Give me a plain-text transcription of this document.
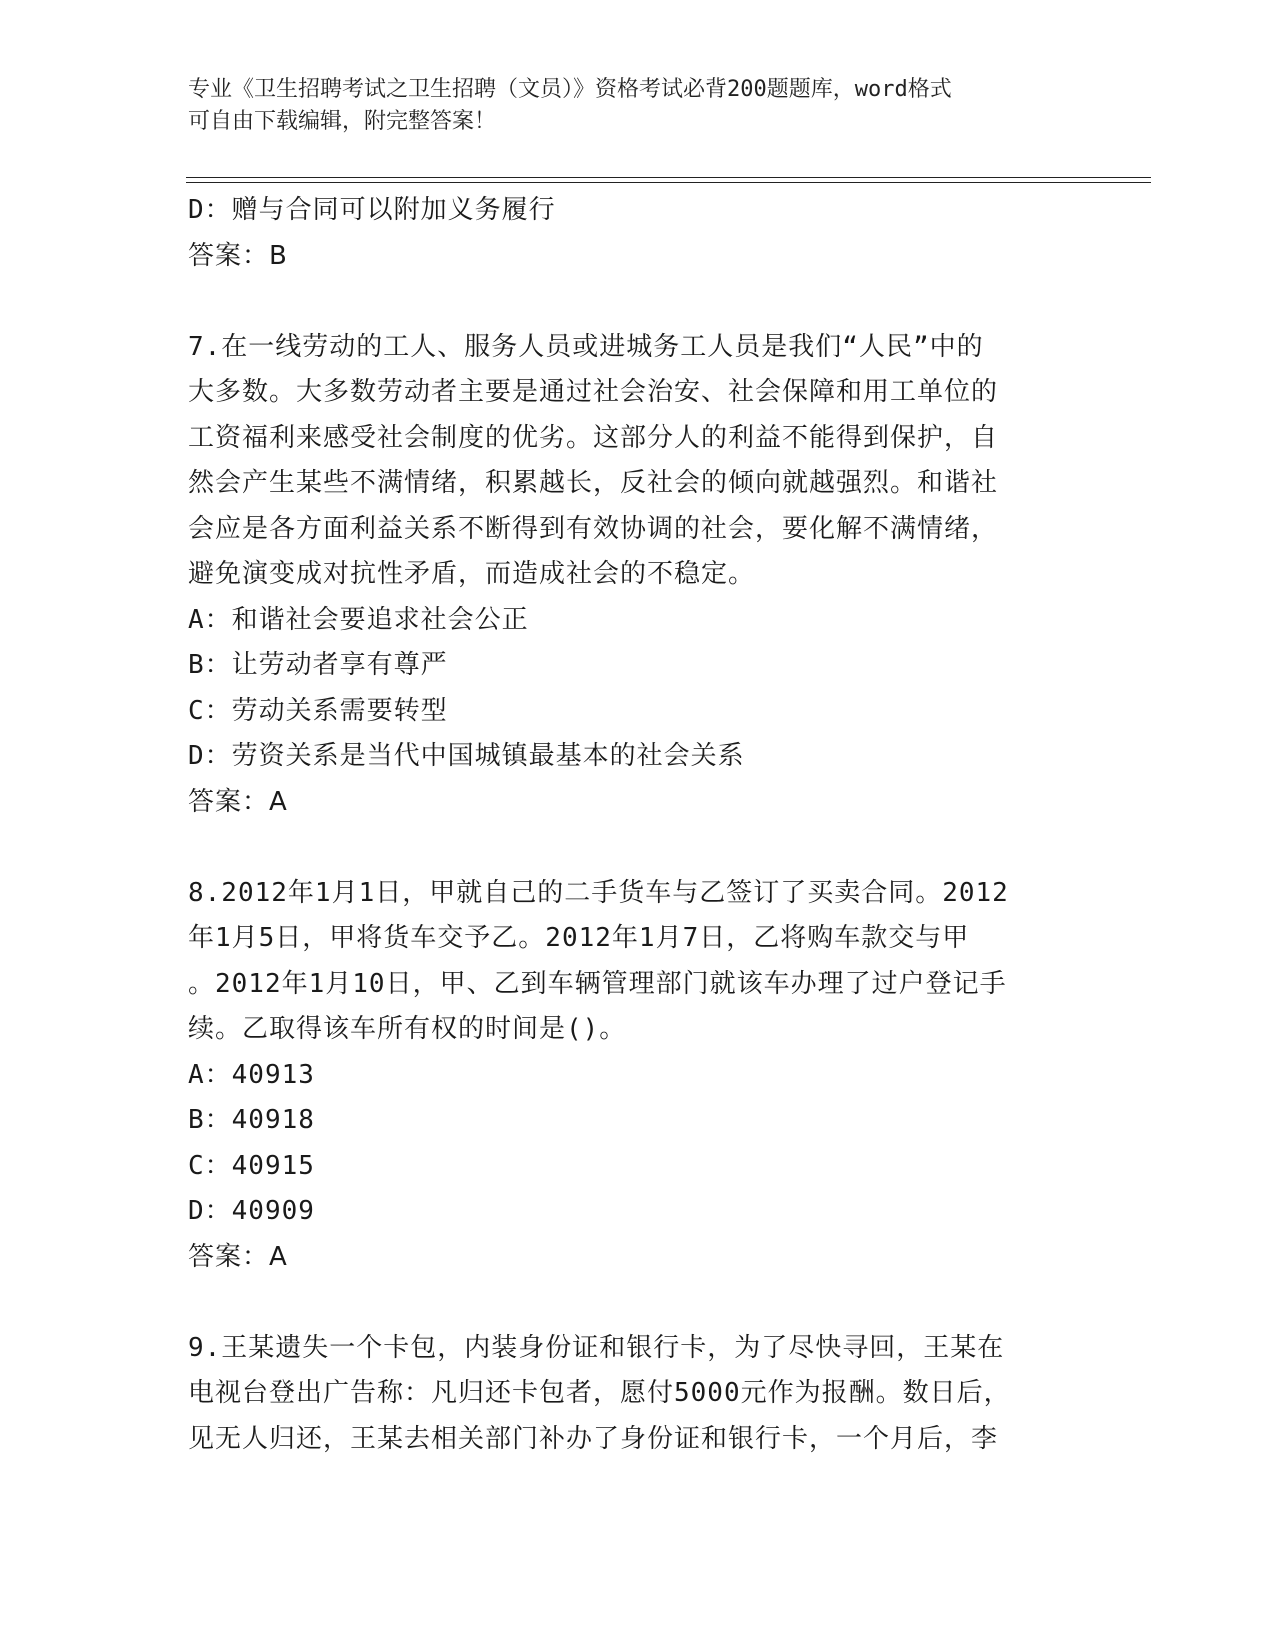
专业《卫生招聘考试之卫生招聘（文员）》资格考试必背200题题库，word格式
可自由下载编辑，附完整答案！
D：赠与合同可以附加义务履行
答案：B
7.在一线劳动的工人、服务人员或进城务工人员是我们“人民”中的
大多数。大多数劳动者主要是通过社会治安、社会保障和用工单位的
工资福利来感受社会制度的优劣。这部分人的利益不能得到保护，自
然会产生某些不满情绪，积累越长，反社会的倾向就越强烈。和谐社
会应是各方面利益关系不断得到有效协调的社会，要化解不满情绪，
避免演变成对抗性矛盾，而造成社会的不稳定。
A：和谐社会要追求社会公正
B：让劳动者享有尊严
C：劳动关系需要转型
D：劳资关系是当代中国城镇最基本的社会关系
答案：A
8.2012年1月1日，甲就自己的二手货车与乙签订了买卖合同。2012
年1月5日，甲将货车交予乙。2012年1月7日，乙将购车款交与甲
。2012年1月10日，甲、乙到车辆管理部门就该车办理了过户登记手
续。乙取得该车所有权的时间是()。
A：40913
B：40918
C：40915
D：40909
答案：A
9.王某遗失一个卡包，内装身份证和银行卡，为了尽快寻回，王某在
电视台登出广告称：凡归还卡包者，愿付5000元作为报酬。数日后，
见无人归还，王某去相关部门补办了身份证和银行卡，一个月后，李
